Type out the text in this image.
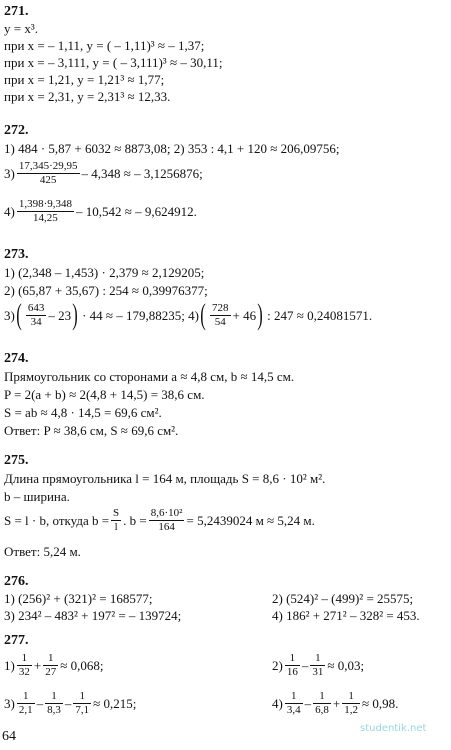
271.
y = x³.
при x = – 1,11, y = ( – 1,11)³ ≈ – 1,37;
при x = – 3,111, y = ( – 3,111)³ ≈ – 30,11;
при x = 1,21, y = 1,21³ ≈ 1,77;
при x = 2,31, y = 2,31³ ≈ 12,33.
272.
1) 484 · 5,87 + 6032 ≈ 8873,08; 2) 353 : 4,1 + 120 ≈ 206,09756;
$3) \frac{17,345\cdot 29,95}{425} - 4,348$ ≈ – 3,1256876;
$4) \frac{1,398\cdot 9,348}{14,25} - 10,542$ ≈ – 9,624912.
273.
1) (2,348 – 1,453) · 2,379 ≈ 2,129205;
2) (65,87 + 35,67) : 254 ≈ 0,39976377;
3) ( $\frac{643}{34} - 23$ ) · 44 ≈ – 179,88235; 4) ( $\frac{728}{54} + 46$ ) : 247 ≈ 0,24081571.
274.
Прямоугольник со сторонами a ≈ 4,8 см, b ≈ 14,5 см.
P = 2(a + b) ≈ 2(4,8 + 14,5) = 38,6 см.
S = ab ≈ 4,8 · 14,5 = 69,6 см².
Ответ: P ≈ 38,6 см, S ≈ 69,6 см².
275.
Длина прямоугольника l = 164 м, площадь S = 8,6 · 10² м².
b – ширина.
S = l · b, откуда $b = \frac{S}{l}$ . $b = \frac{\text{8,6·10²}}{164} = 5,2439024$ м ≈ 5,24 м.
Ответ: 5,24 м.
276.
1) (256)² + (321)² = 168577;	2) (524)² – (499)² = 25575;
3) 234² – 483² + 197² = – 139724;	4) 186² + 271² – 328² = 453.
277.
$1) \frac{1}{32} + \frac{1}{27} \approx 0,068$;	$2) \frac{1}{16} - \frac{1}{31} \approx 0,03$;
$3) \frac{1}{2,1} - \frac{1}{8,3} - \frac{1}{7,1} \approx 0,215$;	$4) \frac{1}{3,4} - \frac{1}{6,8} + \frac{1}{1,2} \approx 0,98$.
64
studentik.net
